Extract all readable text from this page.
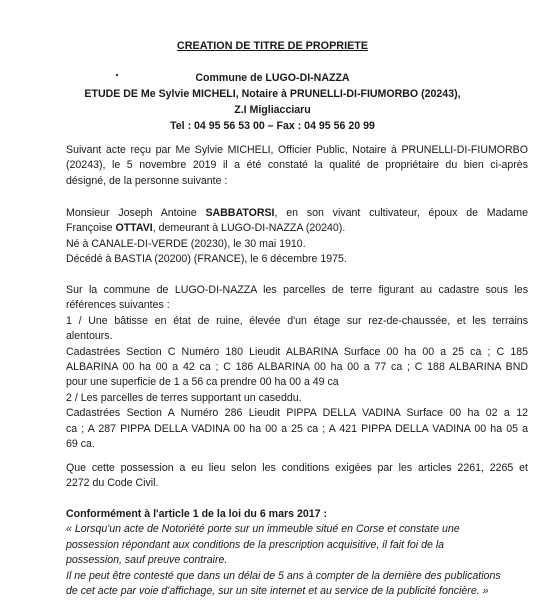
CREATION DE TITRE DE PROPRIETE
Commune de LUGO-DI-NAZZA
ETUDE DE Me Sylvie MICHELI, Notaire à PRUNELLI-DI-FIUMORBO (20243),
Z.I Migliacciaru
Tel : 04 95 56 53 00 – Fax : 04 95 56 20 99
Suivant acte reçu par Me Sylvie MICHELI, Officier Public, Notaire à PRUNELLI-DI-FIUMORBO
(20243), le 5 novembre 2019 il a été constaté la qualité de propriétaire du bien ci-après
désigné, de la personne suivante :
Monsieur Joseph Antoine SABBATORSI, en son vivant cultivateur, époux de Madame
Françoise OTTAVI, demeurant à LUGO-DI-NAZZA (20240).
Né à CANALE-DI-VERDE (20230), le 30 mai 1910.
Décédé à BASTIA (20200) (FRANCE), le 6 décembre 1975.
Sur la commune de LUGO-DI-NAZZA les parcelles de terre figurant au cadastre sous les
références suivantes :
1 / Une bâtisse en état de ruine, élevée d'un étage sur rez-de-chaussée, et les terrains
alentours.
Cadastrées Section C Numéro 180 Lieudit ALBARINA Surface 00 ha 00 a 25 ca ; C 185
ALBARINA 00 ha 00 a 42 ca ; C 186 ALBARINA 00 ha 00 a 77 ca ; C 188 ALBARINA BND
pour une superficie de 1 a 56 ca prendre 00 ha 00 a 49 ca
2 / Les parcelles de terres supportant un caseddu.
Cadastrées Section A Numéro 286 Lieudit PIPPA DELLA VADINA Surface 00 ha 02 a 12
ca ; A 287 PIPPA DELLA VADINA 00 ha 00 a 25 ca ; A 421 PIPPA DELLA VADINA 00 ha 05 a
69 ca.
Que cette possession a eu lieu selon les conditions exigées par les articles 2261, 2265 et
2272 du Code Civil.
Conformément à l'article 1 de la loi du 6 mars 2017 :
« Lorsqu'un acte de Notoriété porte sur un immeuble situé en Corse et constate une
possession répondant aux conditions de la prescription acquisitive, il fait foi de la
possession, sauf preuve contraire.
Il ne peut être contesté que dans un délai de 5 ans à compter de la dernière des publications
de cet acte par voie d'affichage, sur un site internet et au service de la publicité foncière. »
